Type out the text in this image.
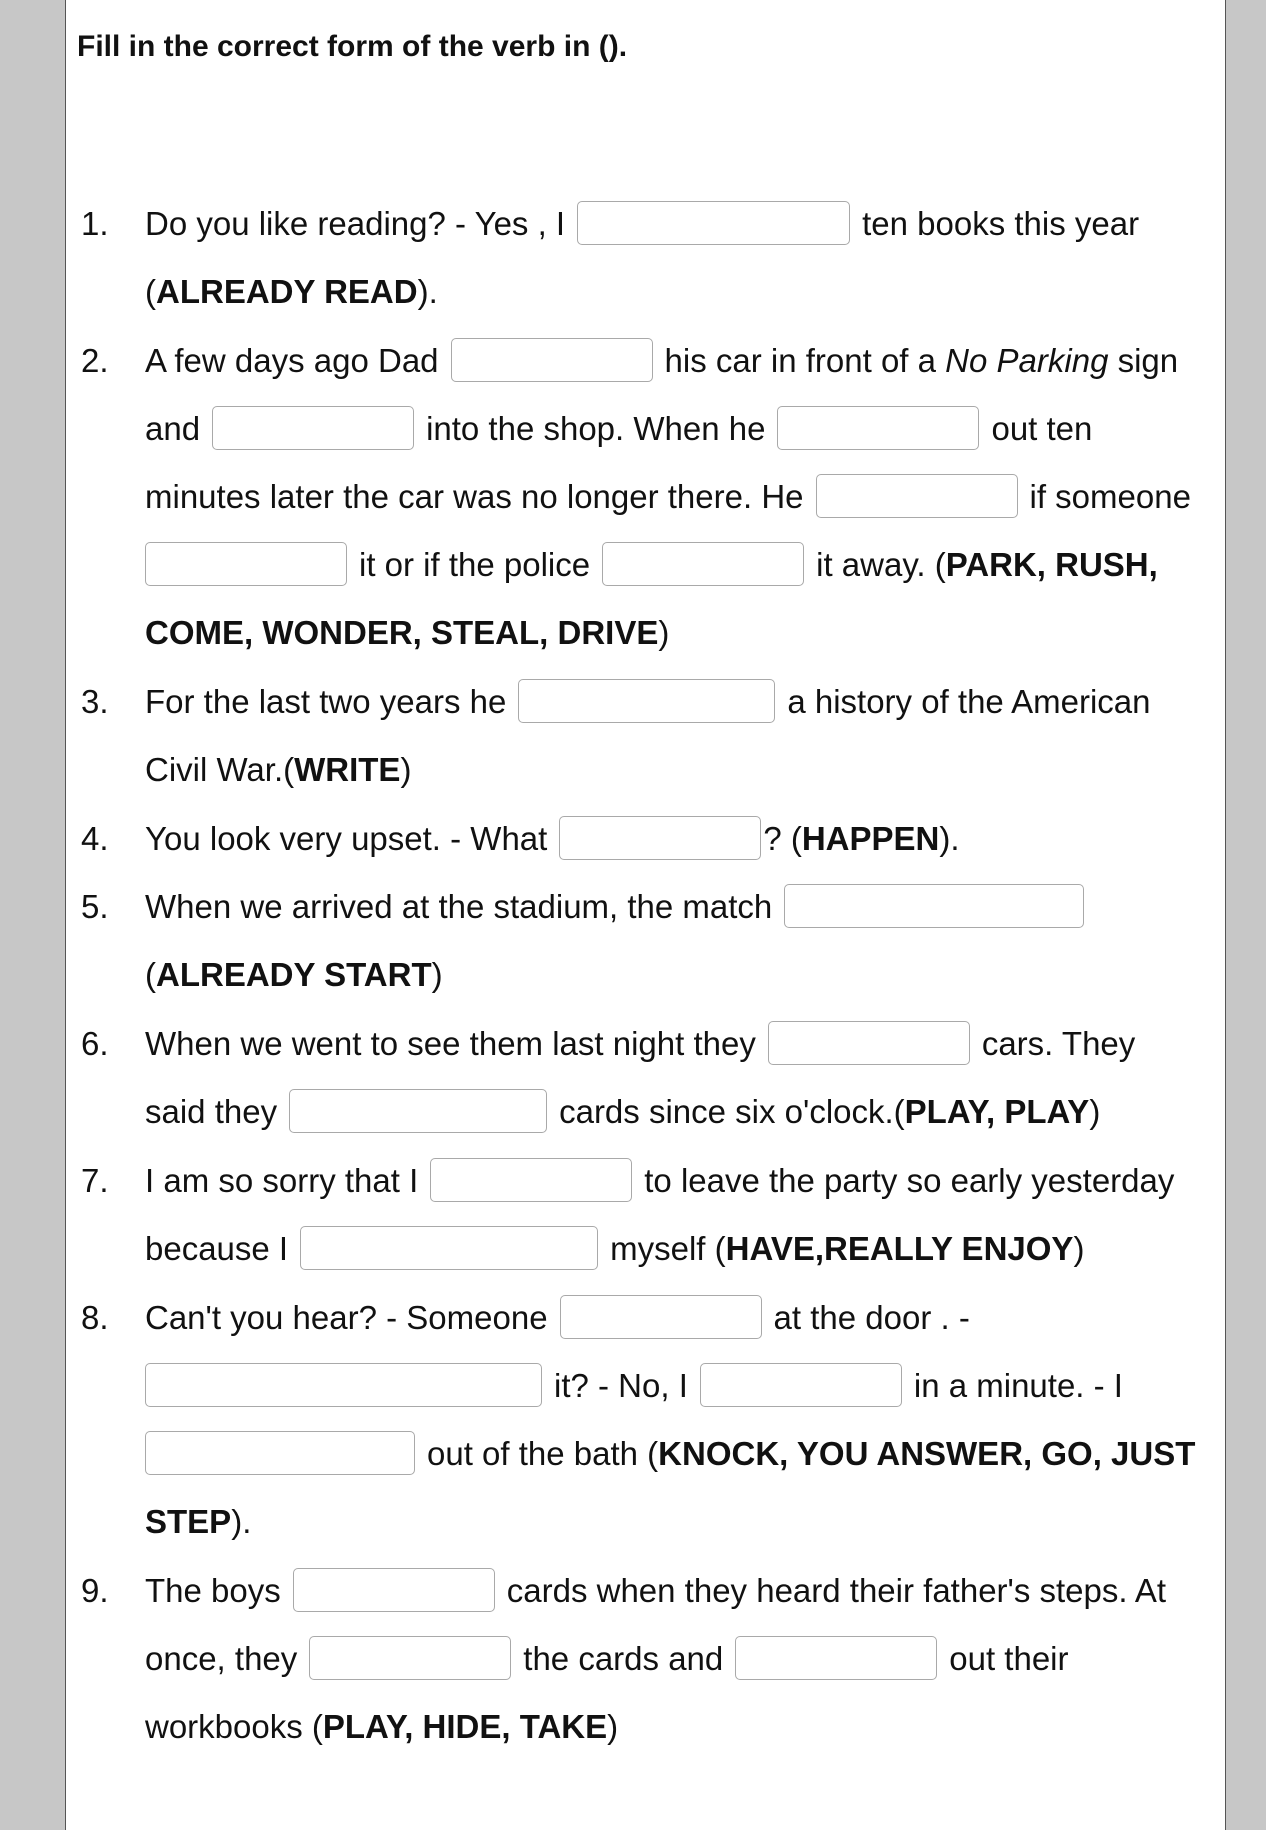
Fill in the correct form of the verb in ().
1. Do you like reading? - Yes , I	ten books this year
(ALREADY READ).
2. A few days ago Dad	his car in front of a No Parking sign
and	into the shop. When he	out ten
minutes later the car was no longer there. He	if someone
it or if the police	it away. (PARK, RUSH,
COME, WONDER, STEAL, DRIVE)
3. For the last two years he	a history of the American
Civil War.(WRITE)
4. You look very upset. - What	? (HAPPEN).
5. When we arrived at the stadium, the match
(ALREADY START)
6. When we went to see them last night they	cars. They
said they	cards since six o'clock.(PLAY, PLAY)
7. I am so sorry that I	to leave the party so early yesterday
because I	myself (HAVE,REALLY ENJOY)
8. Can't you hear? - Someone	at the door . -
it? - No, I	in a minute. - I
out of the bath (KNOCK, YOU ANSWER, GO, JUST
STEP).
9. The boys	cards when they heard their father's steps. At
once, they	the cards and	out their
workbooks (PLAY, HIDE, TAKE)
